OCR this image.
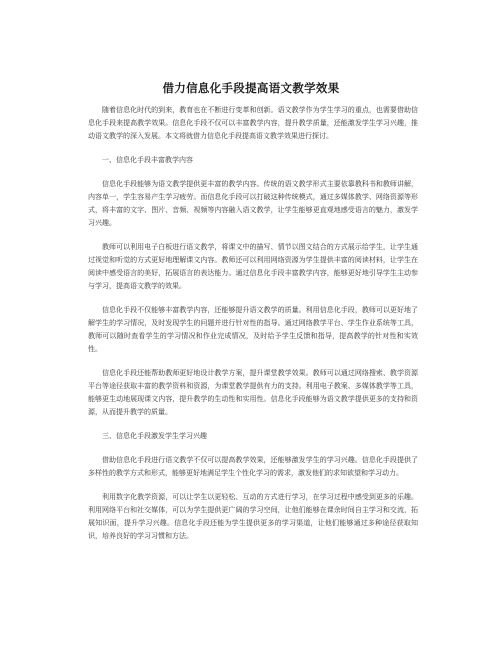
借力信息化手段提高语文教学效果

随着信息化时代的到来，教育也在不断进行变革和创新。语文教学作为学生学习的重点，也需要借助信息化手段来提高教学效果。信息化手段不仅可以丰富教学内容，提升教学质量，还能激发学生学习兴趣，推动语文教学的深入发展。本文将就借力信息化手段提高语文教学效果进行探讨。

一、信息化手段丰富教学内容

信息化手段能够为语文教学提供更丰富的教学内容。传统的语文教学形式主要依靠教科书和教师讲解，内容单一，学生容易产生学习疲劳。而信息化手段可以打破这种传统模式，通过多媒体教学、网络资源等形式，将丰富的文字、图片、音频、视频等内容融入语文教学，让学生能够更直观地感受语言的魅力，激发学习兴趣。

教师可以利用电子白板进行语文教学，将课文中的描写、情节以图文结合的方式展示给学生，让学生通过视觉和听觉的方式更好地理解课文内容。教师还可以利用网络资源为学生提供丰富的阅读材料，让学生在阅读中感受语言的美好，拓展语言的表达能力。通过信息化手段丰富教学内容，能够更好地引导学生主动参与学习，提高语文教学的效果。

信息化手段不仅能够丰富教学内容，还能够提升语文教学的质量。利用信息化手段，教师可以更好地了解学生的学习情况，及时发现学生的问题并进行针对性的指导。通过网络教学平台、学生作业系统等工具，教师可以随时查看学生的学习情况和作业完成情况，及时给予学生反馈和指导，提高教学的针对性和实效性。

信息化手段还能帮助教师更好地设计教学方案，提升课堂教学效果。教师可以通过网络搜索、教学资源平台等途径获取丰富的教学资料和资源，为课堂教学提供有力的支持。利用电子教案、多媒体教学等工具，能够更生动地展现课文内容，提升教学的生动性和实用性。信息化手段能够为语文教学提供更多的支持和资源，从而提升教学的质量。

三、信息化手段激发学生学习兴趣

借助信息化手段进行语文教学不仅可以提高教学效果，还能够激发学生的学习兴趣。信息化手段提供了多样性的教学方式和形式，能够更好地满足学生个性化学习的需求，激发他们的求知欲望和学习动力。

利用数字化教学资源，可以让学生以更轻松、互动的方式进行学习，在学习过程中感受到更多的乐趣。利用网络平台和社交媒体，可以为学生提供更广阔的学习空间，让他们能够在课余时间自主学习和交流，拓展知识面，提升学习兴趣。信息化手段还能为学生提供更多的学习渠道，让他们能够通过多种途径获取知识，培养良好的学习习惯和方法。
